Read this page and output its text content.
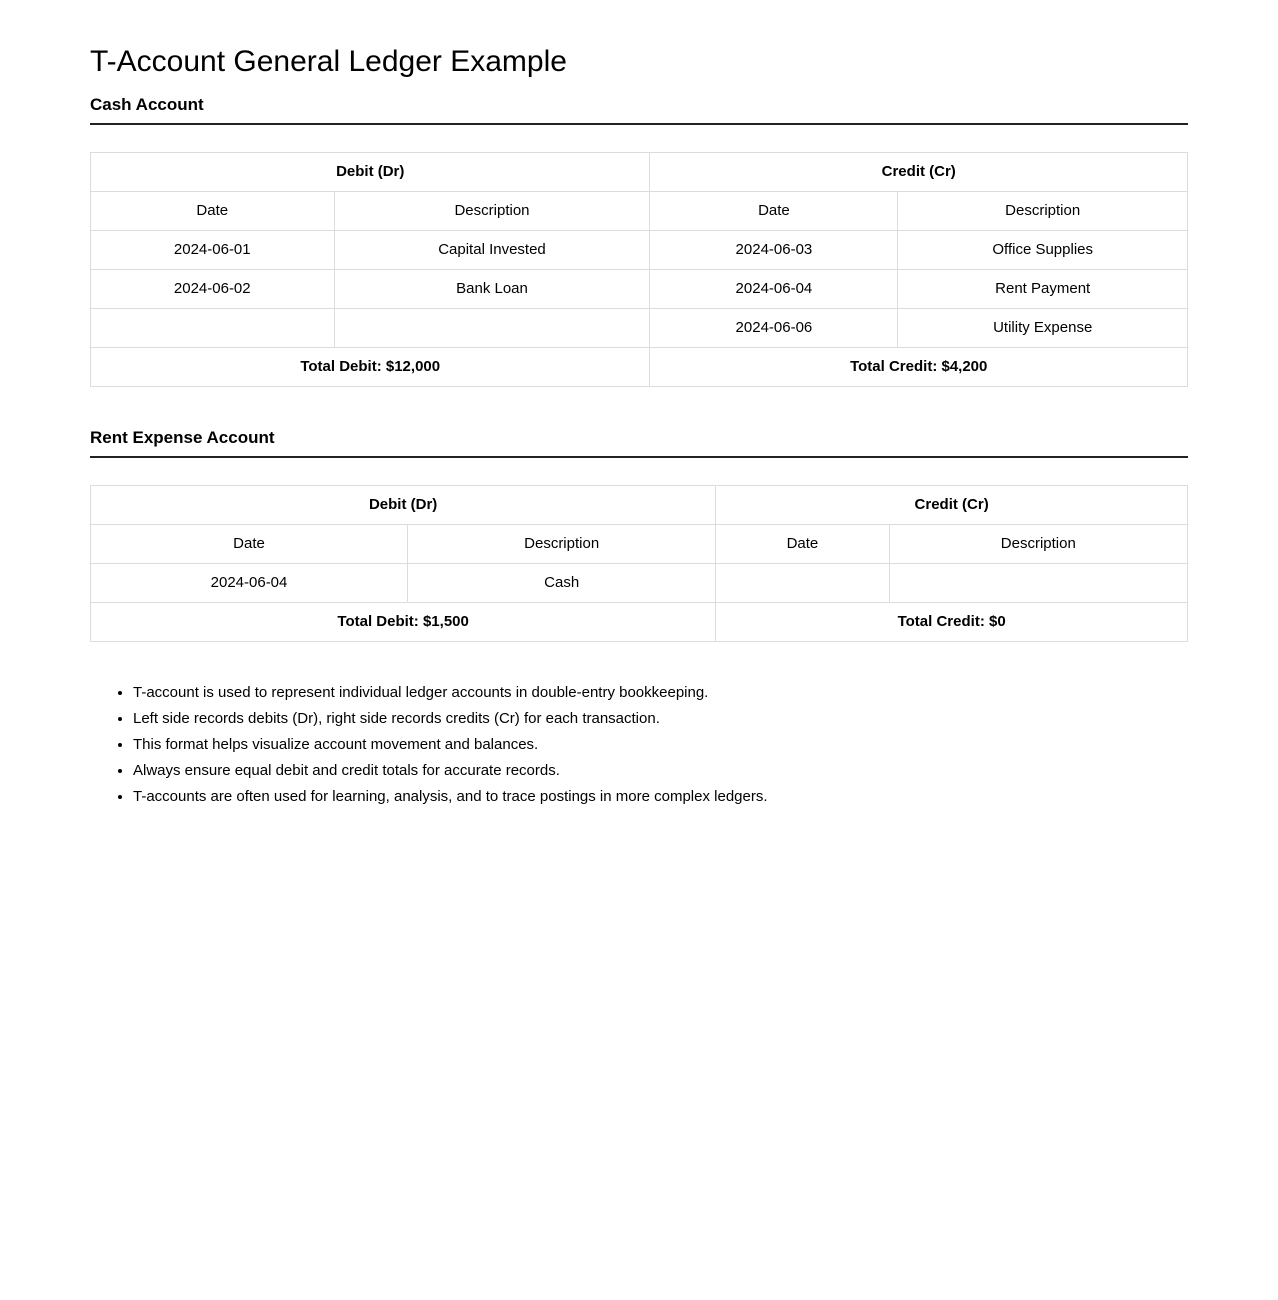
T-Account General Ledger Example
Cash Account
Debit (Dr)		Credit (Cr)	
Date	Description	Date	Description
2024-06-01	Capital Invested	2024-06-03	Office Supplies
2024-06-02	Bank Loan	2024-06-04	Rent Payment
		2024-06-06	Utility Expense
Total Debit: $12,000		Total Credit: $4,200	
Rent Expense Account
Debit (Dr)		Credit (Cr)	
Date	Description	Date	Description
2024-06-04	Cash		
Total Debit: $1,500		Total Credit: $0	
• T-account is used to represent individual ledger accounts in double-entry bookkeeping.
• Left side records debits (Dr), right side records credits (Cr) for each transaction.
• This format helps visualize account movement and balances.
• Always ensure equal debit and credit totals for accurate records.
• T-accounts are often used for learning, analysis, and to trace postings in more complex ledgers.
